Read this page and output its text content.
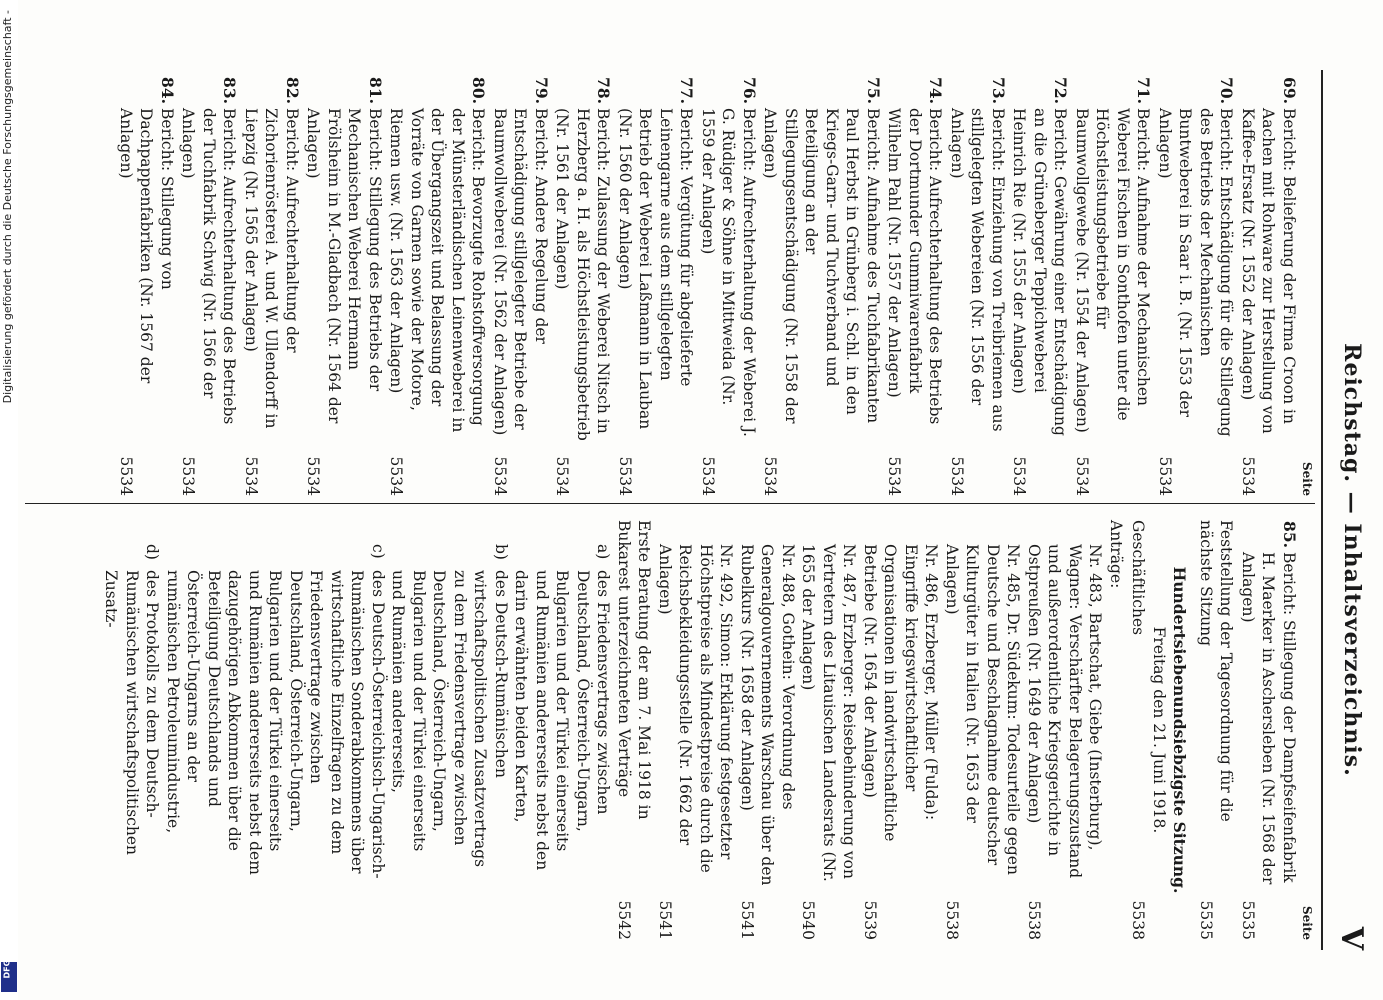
Reichstag. — Inhaltsverzeichnis.
V
Seite
69.
Bericht: Belieferung der Firma Croon in Aachen mit Rohware zur Herstellung von Kaffee-Ersatz (Nr. 1552 der Anlagen)
5534
70.
Bericht: Entschädigung für die Stillegung des Betriebs der Mechanischen Buntweberei in Saar i. B. (Nr. 1553 der Anlagen)
5534
71.
Bericht: Aufnahme der Mechanischen Weberei Fischen in Sonthofen unter die Höchstleistungsbetriebe für Baumwollgewebe (Nr. 1554 der Anlagen)
5534
72.
Bericht: Gewährung einer Entschädigung an die Grüneberger Teppichweberei Heinrich Rie (Nr. 1555 der Anlagen)
5534
73.
Bericht: Einziehung von Treibriemen aus stillgelegten Webereien (Nr. 1556 der Anlagen)
5534
74.
Bericht: Aufrechterhaltung des Betriebs der Dortmunder Gummiwarenfabrik Wilhelm Pahl (Nr. 1557 der Anlagen)
5534
75.
Bericht: Aufnahme des Tuchfabrikanten Paul Herbst in Grünberg i. Schl. in den Kriegs-Garn- und Tuchverband und Beteiligung an der Stillegungsentschädigung (Nr. 1558 der Anlagen)
5534
76.
Bericht: Aufrechterhaltung der Weberei J. G. Rüdiger & Söhne in Mittweida (Nr. 1559 der Anlagen)
5534
77.
Bericht: Vergütung für abgelieferte Leinengarne aus dem stillgelegten Betrieb der Weberei Laßmann in Lauban (Nr. 1560 der Anlagen)
5534
78.
Bericht: Zulassung der Weberei Nitsch in Herzberg a. H. als Höchstleistungsbetrieb (Nr. 1561 der Anlagen)
5534
79.
Bericht: Andere Regelung der Entschädigung stillgelegter Betriebe der Baumwollweberei (Nr. 1562 der Anlagen)
5534
80.
Bericht: Bevorzugte Rohstoffversorgung der Münsterländischen Leinenweberei in der Übergangszeit und Belassung der Vorräte von Garnen sowie der Motore, Riemen usw. (Nr. 1563 der Anlagen)
5534
81.
Bericht: Stillegung des Betriebs der Mechanischen Weberei Hermann Frölsheim in M.-Gladbach (Nr. 1564 der Anlagen)
5534
82.
Bericht: Aufrechterhaltung der Zichorienrösterei A. und W. Ullendorff in Liepzig (Nr. 1565 der Anlagen)
5534
83.
Bericht: Aufrechterhaltung des Betriebs der Tuchfabrik Schwig (Nr. 1566 der Anlagen)
5534
84.
Bericht: Stillegung von Dachpappenfabriken (Nr. 1567 der Anlagen)
5534
Seite
85.
Bericht: Stillegung der Dampfseifenfabrik H. Maerker in Aschersleben (Nr. 1568 der Anlagen)
5535
Feststellung der Tagesordnung für die nächste Sitzung
5535
Hundertsiebenundsiebzigste Sitzung.
Freitag den 21. Juni 1918.
Geschäftliches
5538
Anträge:
Nr. 483, Bartschat, Giebe (Insterburg), Wagner: Verschärfter Belagerungszustand und außerordentliche Kriegsgerichte in Ostpreußen (Nr. 1649 der Anlagen)
5538
Nr. 485, Dr. Südekum: Todesurteile gegen Deutsche und Beschlagnahme deutscher Kulturgüter in Italien (Nr. 1653 der Anlagen)
5538
Nr. 486, Erzberger, Müller (Fulda): Eingriffe kriegswirtschaftlicher Organisationen in landwirtschaftliche Betriebe (Nr. 1654 der Anlagen)
5539
Nr. 487, Erzberger: Reisebehinderung von Vertretern des Litauischen Landesrats (Nr. 1655 der Anlagen)
5540
Nr. 488, Gothein: Verordnung des Generalgouvernements Warschau über den Rubelkurs (Nr. 1658 der Anlagen)
5541
Nr. 492, Simon: Erklärung festgesetzter Höchstpreise als Mindestpreise durch die Reichsbekleidungsstelle (Nr. 1662 der Anlagen)
5541
Erste Beratung der am 7. Mai 1918 in Bukarest unterzeichneten Verträge
5542
a)
des Friedensvertrags zwischen Deutschland, Österreich-Ungarn, Bulgarien und der Türkei einerseits und Rumänien andererseits nebst den darin erwähnten beiden Karten,
b)
des Deutsch-Rumänischen wirtschaftspolitischen Zusatzvertrags zu dem Friedensvertrage zwischen Deutschland, Österreich-Ungarn, Bulgarien und der Türkei einerseits und Rumänien andererseits,
c)
des Deutsch-Österreichisch-Ungarisch-Rumänischen Sonderabkommens über wirtschaftliche Einzelfragen zu dem Friedensvertrage zwischen Deutschland, Österreich-Ungarn, Bulgarien und der Türkei einerseits und Rumänien andererseits nebst dem dazugehörigen Abkommen über die Beteiligung Deutschlands und Österreich-Ungarns an der rumänischen Petroleumindustrie,
d)
des Protokolls zu dem Deutsch-Rumänischen wirtschaftspolitischen Zusatz-
Digitalisierung gefördert durch die Deutsche Forschungsgemeinschaft -
DFG
